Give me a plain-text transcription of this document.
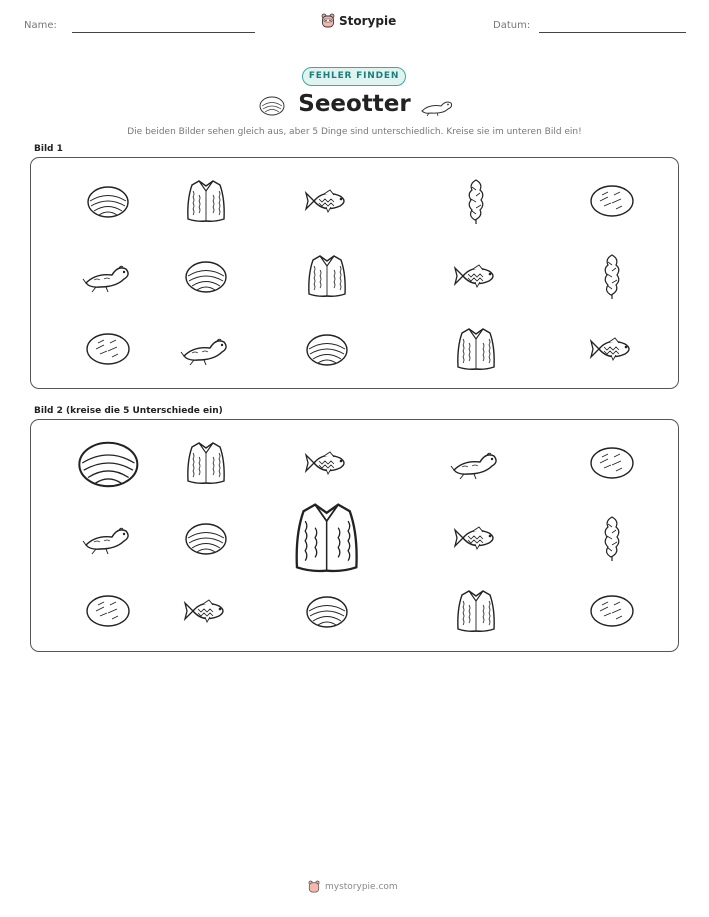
Name:	Datum:
Storypie
FEHLER FINDEN
Seeotter
Die beiden Bilder sehen gleich aus, aber 5 Dinge sind unterschiedlich. Kreise sie im unteren Bild ein!
Bild 1
Bild 2 (kreise die 5 Unterschiede ein)
mystorypie.com
